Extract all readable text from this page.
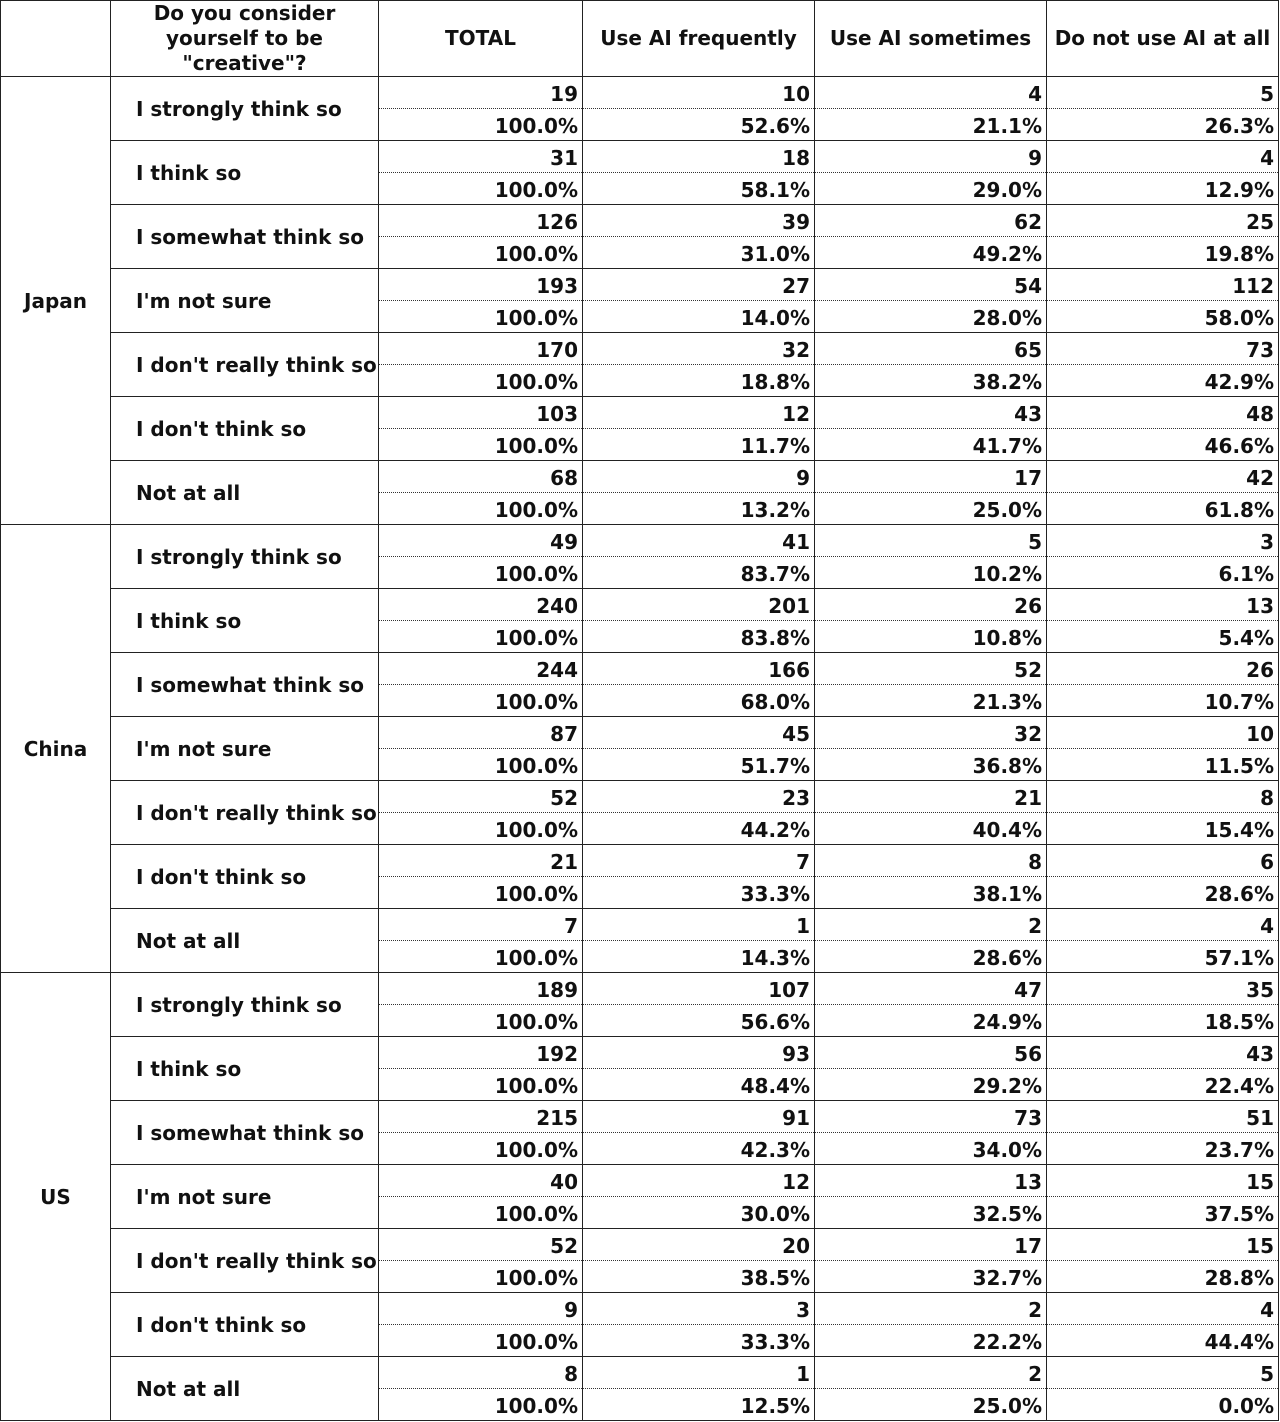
	Do you consider yourself to be "creative"?	TOTAL	Use AI frequently	Use AI sometimes	Do not use AI at all
Japan	I strongly think so	19	10	4	5
		100.0%	52.6%	21.1%	26.3%
	I think so	31	18	9	4
		100.0%	58.1%	29.0%	12.9%
	I somewhat think so	126	39	62	25
		100.0%	31.0%	49.2%	19.8%
	I'm not sure	193	27	54	112
		100.0%	14.0%	28.0%	58.0%
	I don't really think so	170	32	65	73
		100.0%	18.8%	38.2%	42.9%
	I don't think so	103	12	43	48
		100.0%	11.7%	41.7%	46.6%
	Not at all	68	9	17	42
		100.0%	13.2%	25.0%	61.8%
China	I strongly think so	49	41	5	3
		100.0%	83.7%	10.2%	6.1%
	I think so	240	201	26	13
		100.0%	83.8%	10.8%	5.4%
	I somewhat think so	244	166	52	26
		100.0%	68.0%	21.3%	10.7%
	I'm not sure	87	45	32	10
		100.0%	51.7%	36.8%	11.5%
	I don't really think so	52	23	21	8
		100.0%	44.2%	40.4%	15.4%
	I don't think so	21	7	8	6
		100.0%	33.3%	38.1%	28.6%
	Not at all	7	1	2	4
		100.0%	14.3%	28.6%	57.1%
US	I strongly think so	189	107	47	35
		100.0%	56.6%	24.9%	18.5%
	I think so	192	93	56	43
		100.0%	48.4%	29.2%	22.4%
	I somewhat think so	215	91	73	51
		100.0%	42.3%	34.0%	23.7%
	I'm not sure	40	12	13	15
		100.0%	30.0%	32.5%	37.5%
	I don't really think so	52	20	17	15
		100.0%	38.5%	32.7%	28.8%
	I don't think so	9	3	2	4
		100.0%	33.3%	22.2%	44.4%
	Not at all	8	1	2	5
		100.0%	12.5%	25.0%	0.0%
